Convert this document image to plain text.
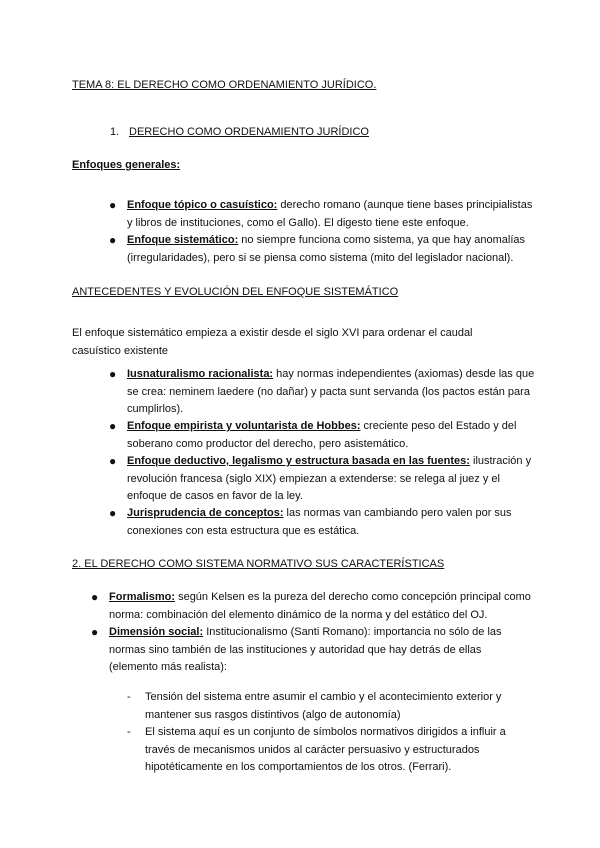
TEMA 8: EL DERECHO COMO ORDENAMIENTO JURÍDICO.

1. DERECHO COMO ORDENAMIENTO JURÍDICO

Enfoques generales:

● Enfoque tópico o casuístico: derecho romano (aunque tiene bases principialistas
y libros de instituciones, como el Gallo). El digesto tiene este enfoque.
● Enfoque sistemático: no siempre funciona como sistema, ya que hay anomalías
(irregularidades), pero si se piensa como sistema (mito del legislador nacional).

ANTECEDENTES Y EVOLUCIÓN DEL ENFOQUE SISTEMÁTICO

El enfoque sistemático empieza a existir desde el siglo XVI para ordenar el caudal

casuístico existente

● Iusnaturalismo racionalista: hay normas independientes (axiomas) desde las que
se crea: neminem laedere (no dañar) y pacta sunt servanda (los pactos están para
cumplirlos).
● Enfoque empirista y voluntarista de Hobbes: creciente peso del Estado y del
soberano como productor del derecho, pero asistemático.
● Enfoque deductivo, legalismo y estructura basada en las fuentes: ilustración y
revolución francesa (siglo XIX) empiezan a extenderse: se relega al juez y el
enfoque de casos en favor de la ley.
● Jurisprudencia de conceptos: las normas van cambiando pero valen por sus
conexiones con esta estructura que es estática.

2. EL DERECHO COMO SISTEMA NORMATIVO SUS CARACTERÍSTICAS

● Formalismo: según Kelsen es la pureza del derecho como concepción principal como
norma: combinación del elemento dinámico de la norma y del estático del OJ.
● Dimensión social: Institucionalismo (Santi Romano): importancia no sólo de las
normas sino también de las instituciones y autoridad que hay detrás de ellas
(elemento más realista):
- Tensión del sistema entre asumir el cambio y el acontecimiento exterior y
mantener sus rasgos distintivos (algo de autonomía)
- El sistema aquí es un conjunto de símbolos normativos dirigidos a influir a
través de mecanismos unidos al carácter persuasivo y estructurados
hipotéticamente en los comportamientos de los otros. (Ferrari).
